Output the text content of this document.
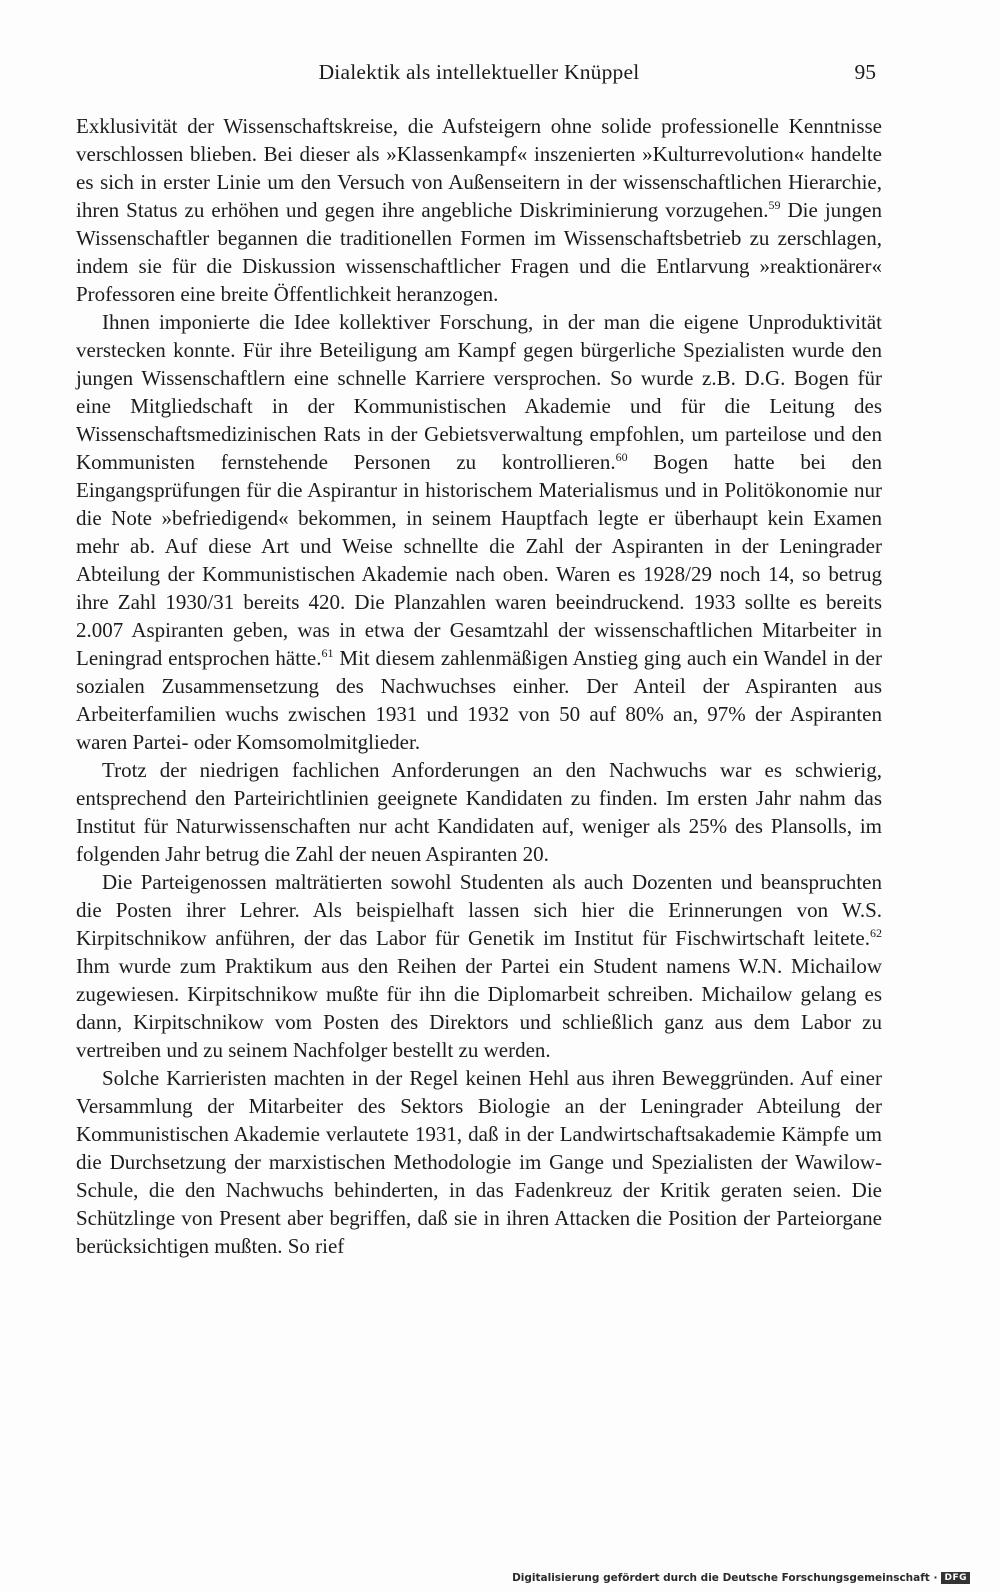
Dialektik als intellektueller Knüppel	95

Exklusivität der Wissenschaftskreise, die Aufsteigern ohne solide professionelle Kenntnisse verschlossen blieben. Bei dieser als »Klassenkampf« inszenierten »Kulturrevolution« handelte es sich in erster Linie um den Versuch von Außenseitern in der wissenschaftlichen Hierarchie, ihren Status zu erhöhen und gegen ihre angebliche Diskriminierung vorzugehen.$^{59}$ Die jungen Wissenschaftler begannen die traditionellen Formen im Wissenschaftsbetrieb zu zerschlagen, indem sie für die Diskussion wissenschaftlicher Fragen und die Entlarvung »reaktionärer« Professoren eine breite Öffentlichkeit heranzogen.

Ihnen imponierte die Idee kollektiver Forschung, in der man die eigene Unproduktivität verstecken konnte. Für ihre Beteiligung am Kampf gegen bürgerliche Spezialisten wurde den jungen Wissenschaftlern eine schnelle Karriere versprochen. So wurde z.B. D.G. Bogen für eine Mitgliedschaft in der Kommunistischen Akademie und für die Leitung des Wissenschaftsmedizinischen Rats in der Gebietsverwaltung empfohlen, um parteilose und den Kommunisten fernstehende Personen zu kontrollieren.$^{60}$ Bogen hatte bei den Eingangsprüfungen für die Aspirantur in historischem Materialismus und in Politökonomie nur die Note »befriedigend« bekommen, in seinem Hauptfach legte er überhaupt kein Examen mehr ab. Auf diese Art und Weise schnellte die Zahl der Aspiranten in der Leningrader Abteilung der Kommunistischen Akademie nach oben. Waren es 1928/29 noch 14, so betrug ihre Zahl 1930/31 bereits 420. Die Planzahlen waren beeindruckend. 1933 sollte es bereits 2.007 Aspiranten geben, was in etwa der Gesamtzahl der wissenschaftlichen Mitarbeiter in Leningrad entsprochen hätte.$^{61}$ Mit diesem zahlenmäßigen Anstieg ging auch ein Wandel in der sozialen Zusammensetzung des Nachwuchses einher. Der Anteil der Aspiranten aus Arbeiterfamilien wuchs zwischen 1931 und 1932 von 50 auf 80% an, 97% der Aspiranten waren Partei- oder Komsomolmitglieder.

Trotz der niedrigen fachlichen Anforderungen an den Nachwuchs war es schwierig, entsprechend den Parteirichtlinien geeignete Kandidaten zu finden. Im ersten Jahr nahm das Institut für Naturwissenschaften nur acht Kandidaten auf, weniger als 25% des Plansolls, im folgenden Jahr betrug die Zahl der neuen Aspiranten 20.

Die Parteigenossen malträtierten sowohl Studenten als auch Dozenten und beanspruchten die Posten ihrer Lehrer. Als beispielhaft lassen sich hier die Erinnerungen von W.S. Kirpitschnikow anführen, der das Labor für Genetik im Institut für Fischwirtschaft leitete.$^{62}$ Ihm wurde zum Praktikum aus den Reihen der Partei ein Student namens W.N. Michailow zugewiesen. Kirpitschnikow mußte für ihn die Diplomarbeit schreiben. Michailow gelang es dann, Kirpitschnikow vom Posten des Direktors und schließlich ganz aus dem Labor zu vertreiben und zu seinem Nachfolger bestellt zu werden.

Solche Karrieristen machten in der Regel keinen Hehl aus ihren Beweggründen. Auf einer Versammlung der Mitarbeiter des Sektors Biologie an der Leningrader Abteilung der Kommunistischen Akademie verlautete 1931, daß in der Landwirtschaftsakademie Kämpfe um die Durchsetzung der marxistischen Methodologie im Gange und Spezialisten der Wawilow-Schule, die den Nachwuchs behinderten, in das Fadenkreuz der Kritik geraten seien. Die Schützlinge von Present aber begriffen, daß sie in ihren Attacken die Position der Parteiorgane berücksichtigen mußten. So rief

Digitalisierung gefördert durch die Deutsche Forschungsgemeinschaft · DFG
